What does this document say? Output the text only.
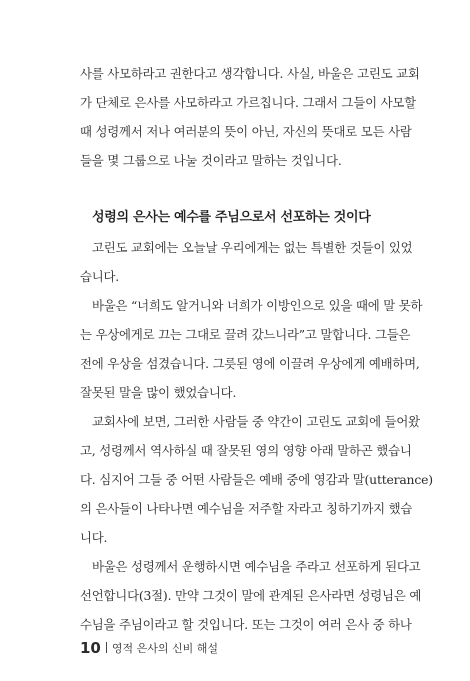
사를 사모하라고 권한다고 생각합니다. 사실, 바울은 고린도 교회
가 단체로 은사를 사모하라고 가르칩니다. 그래서 그들이 사모할
때 성령께서 저나 여러분의 뜻이 아닌, 자신의 뜻대로 모든 사람
들을 몇 그룹으로 나눌 것이라고 말하는 것입니다.
성령의 은사는 예수를 주님으로서 선포하는 것이다
고린도 교회에는 오늘날 우리에게는 없는 특별한 것들이 있었
습니다.
바울은 “너희도 알거니와 너희가 이방인으로 있을 때에 말 못하
는 우상에게로 끄는 그대로 끌려 갔느니라”고 말합니다. 그들은
전에 우상을 섬겼습니다. 그릇된 영에 이끌려 우상에게 예배하며,
잘못된 말을 많이 했었습니다.
교회사에 보면, 그러한 사람들 중 약간이 고린도 교회에 들어왔
고, 성령께서 역사하실 때 잘못된 영의 영향 아래 말하곤 했습니
다. 심지어 그들 중 어떤 사람들은 예배 중에 영감과 말(utterance)
의 은사들이 나타나면 예수님을 저주할 자라고 칭하기까지 했습
니다.
바울은 성령께서 운행하시면 예수님을 주라고 선포하게 된다고
선언합니다(3절). 만약 그것이 말에 관계된 은사라면 성령님은 예
수님을 주님이라고 할 것입니다. 또는 그것이 여러 은사 중 하나
10 영적 은사의 신비 해설
